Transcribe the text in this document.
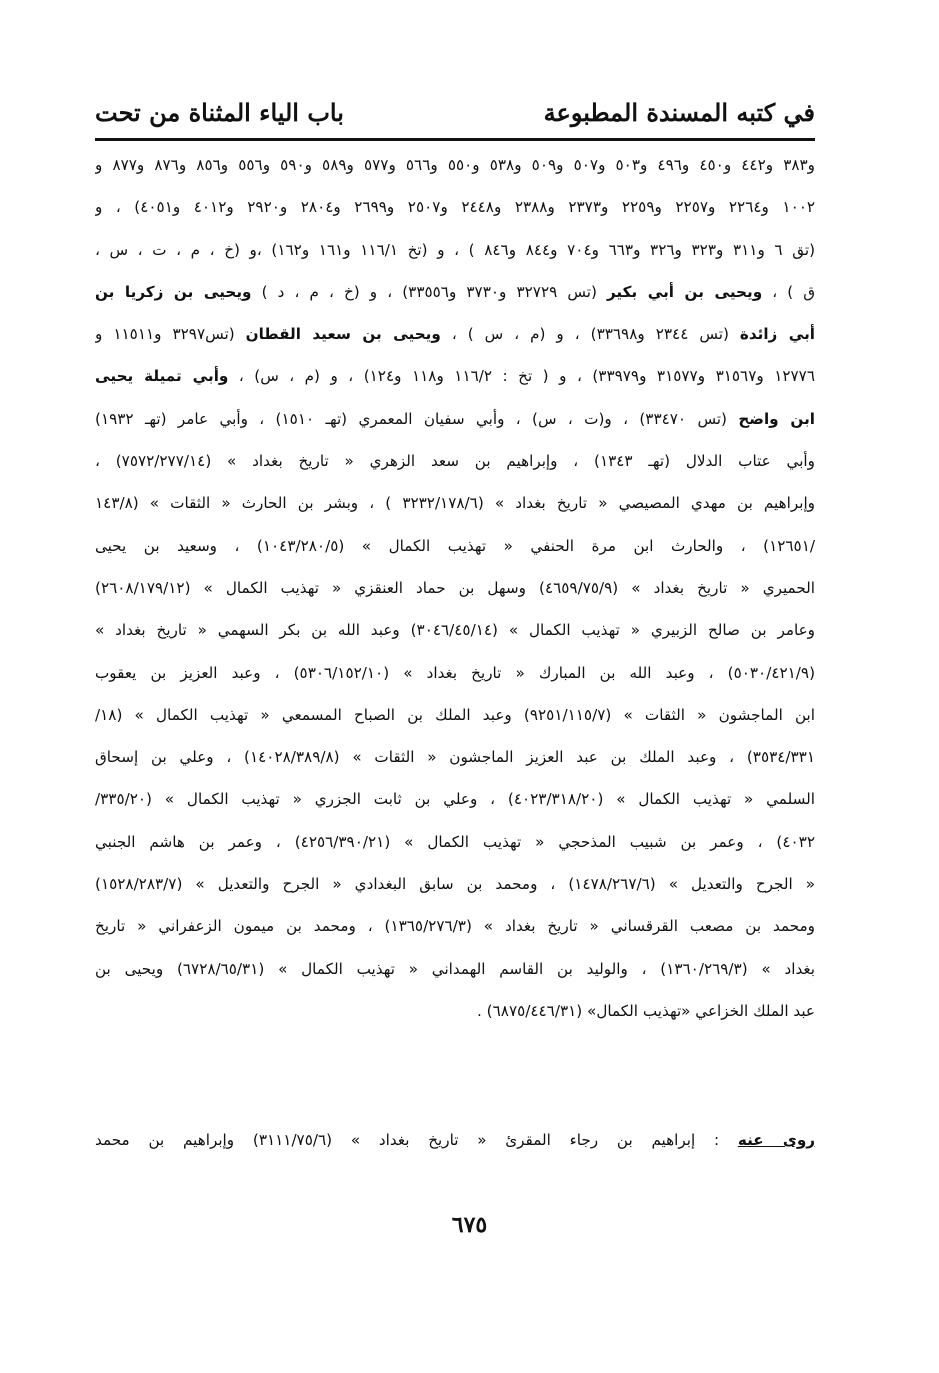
في كتبه المسندة المطبوعة
باب الياء المثناة من تحت
و٣٨٣ و٤٤٢ و٤٥٠ و٤٩٦ و٥٠٣ و٥٠٧ و٥٠٩ و٥٣٨ و٥٥٠ و٥٦٦ و٥٧٧ و٥٨٩ و٥٩٠ و٥٥٦ و٨٥٦ و٨٧٦ و٨٧٧ و
١٠٠٢ و٢٢٦٤ و٢٢٥٧ و٢٢٥٩ و٢٣٧٣ و٢٣٨٨ و٢٤٤٨ و٢٥٠٧ و٢٦٩٩ و٢٨٠٤ و٢٩٢٠ و٤٠١٢ و٤٠٥١) ، و
(تق ٦ و٣١١ و٣٢٣ و٣٢٦ و٦٦٣ و٧٠٤ و٨٤٤ و٨٤٦ ) ، و (تخ ١١٦/١ و١٦١ و١٦٢) ،و (خ ، م ، ت ، س ،
ق ) ، ويحيى بن أبي بكير (تس ٣٢٧٢٩ و٣٧٣٠ و٣٣٥٥٦) ، و (خ ، م ، د ) ويحيى بن زكريا بن
أبي زائدة (تس ٢٣٤٤ و٣٣٦٩٨) ، و (م ، س ) ، ويحيى بن سعيد القطان (تس٣٢٩٧ و١١٥١١ و
١٢٧٧٦ و٣١٥٦٧ و٣١٥٧٧ و٣٣٩٧٩) ، و ( تخ : ١١٦/٢ و١١٨ و١٢٤) ، و (م ، س) ، وأبي تميلة يحيى
ابن واضح (تس ٣٣٤٧٠) ، و(ت ، س) ، وأبي سفيان المعمري (تهـ ١٥١٠) ، وأبي عامر (تهـ ١٩٣٢)
وأبي عتاب الدلال (تهـ ١٣٤٣) ، وإبراهيم بن سعد الزهري « تاريخ بغداد » (٧٥٧٢/٢٧٧/١٤) ،
وإبراهيم بن مهدي المصيصي « تاريخ بغداد » (٣٢٣٢/١٧٨/٦ ) ، وبشر بن الحارث « الثقات » (١٤٣/٨
/١٢٦٥١) ، والحارث ابن مرة الحنفي « تهذيب الكمال » (١٠٤٣/٢٨٠/٥) ، وسعيد بن يحيى
الحميري « تاريخ بغداد » (٤٦٥٩/٧٥/٩) وسهل بن حماد العنقزي « تهذيب الكمال » (٢٦٠٨/١٧٩/١٢)
وعامر بن صالح الزبيري « تهذيب الكمال » (٣٠٤٦/٤٥/١٤) وعبد الله بن بكر السهمي « تاريخ بغداد »
(٥٠٣٠/٤٢١/٩) ، وعبد الله بن المبارك « تاريخ بغداد » (٥٣٠٦/١٥٢/١٠) ، وعبد العزيز بن يعقوب
ابن الماجشون « الثقات » (٩٢٥١/١١٥/٧) وعبد الملك بن الصباح المسمعي « تهذيب الكمال » (١٨/
٣٥٣٤/٣٣١) ، وعبد الملك بن عبد العزيز الماجشون « الثقات » (١٤٠٢٨/٣٨٩/٨) ، وعلي بن إسحاق
السلمي « تهذيب الكمال » (٤٠٢٣/٣١٨/٢٠) ، وعلي بن ثابت الجزري « تهذيب الكمال » (٣٣٥/٢٠/
٤٠٣٢) ، وعمر بن شبيب المذحجي « تهذيب الكمال » (٤٢٥٦/٣٩٠/٢١) ، وعمر بن هاشم الجنبي
« الجرح والتعديل » (١٤٧٨/٢٦٧/٦) ، ومحمد بن سابق البغدادي « الجرح والتعديل » (١٥٢٨/٢٨٣/٧)
ومحمد بن مصعب القرقساني « تاريخ بغداد » (١٣٦٥/٢٧٦/٣) ، ومحمد بن ميمون الزعفراني « تاريخ
بغداد » (١٣٦٠/٢٦٩/٣) ، والوليد بن القاسم الهمداني « تهذيب الكمال » (٦٧٢٨/٦٥/٣١) ويحيى بن
عبد الملك الخزاعي «تهذيب الكمال» (٦٨٧٥/٤٤٦/٣١) .
روى عنه : إبراهيم بن رجاء المقرئ « تاريخ بغداد » (٣١١١/٧٥/٦) وإبراهيم بن محمد
٦٧٥
